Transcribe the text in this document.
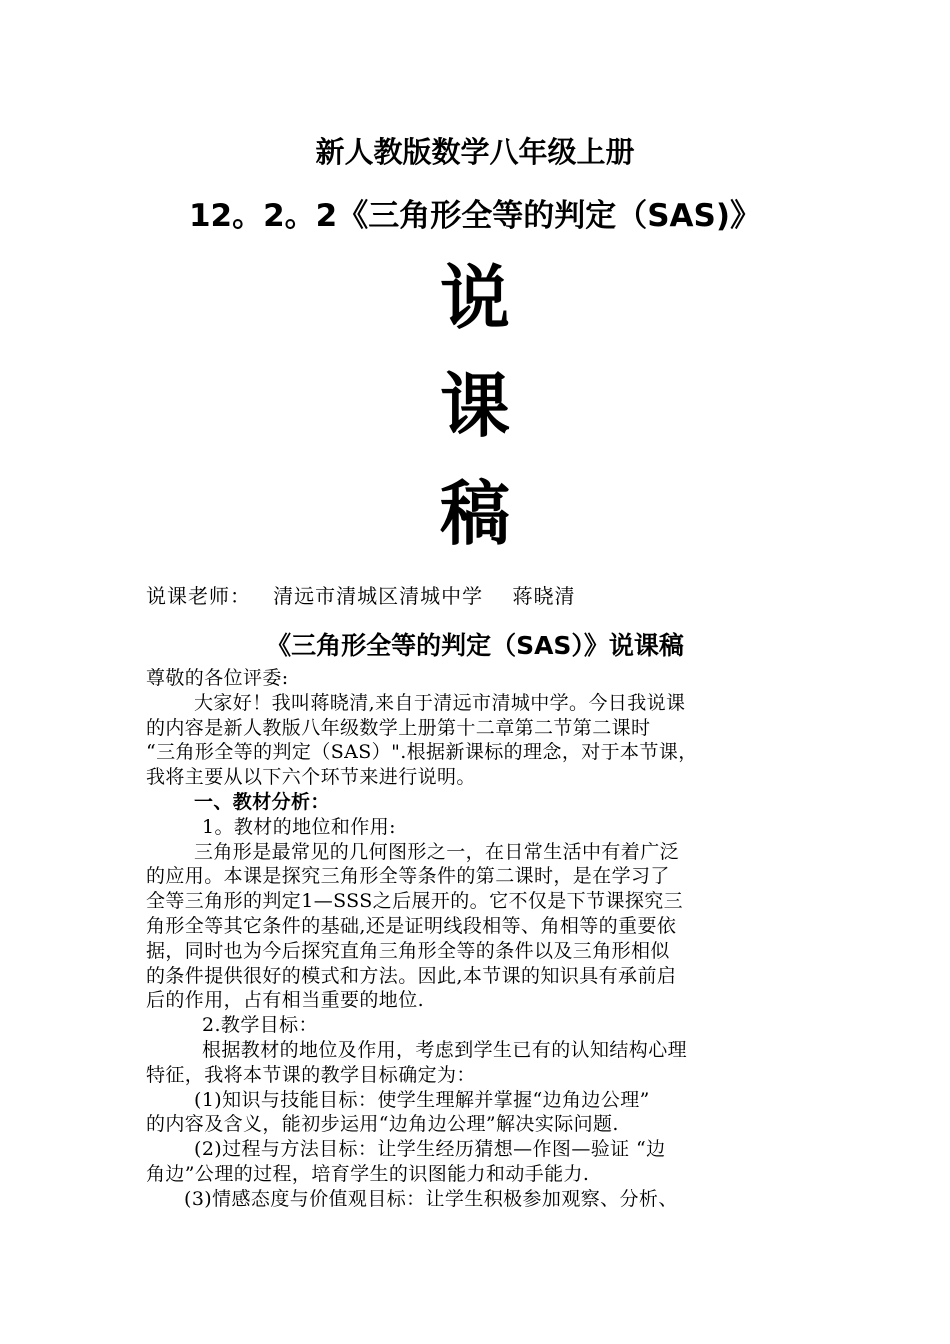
新人教版数学八年级上册
12。2。2《三角形全等的判定（SAS)》
说
课
稿
说课老师：   清远市清城区清城中学    蒋晓清
《三角形全等的判定（SAS）》说课稿
尊敬的各位评委:
大家好！我叫蒋晓清,来自于清远市清城中学。今日我说课
的内容是新人教版八年级数学上册第十二章第二节第二课时
“三角形全等的判定（SAS）".根据新课标的理念，对于本节课，
我将主要从以下六个环节来进行说明。
一、教材分析：
1。教材的地位和作用:
三角形是最常见的几何图形之一，在日常生活中有着广泛
的应用。本课是探究三角形全等条件的第二课时，是在学习了
全等三角形的判定1—SSS之后展开的。它不仅是下节课探究三
角形全等其它条件的基础,还是证明线段相等、角相等的重要依
据，同时也为今后探究直角三角形全等的条件以及三角形相似
的条件提供很好的模式和方法。因此,本节课的知识具有承前启
后的作用，占有相当重要的地位.
2.教学目标：
根据教材的地位及作用，考虑到学生已有的认知结构心理
特征，我将本节课的教学目标确定为：
(1)知识与技能目标：使学生理解并掌握“边角边公理”
的内容及含义，能初步运用“边角边公理”解决实际问题.
(2)过程与方法目标：让学生经历猜想—作图—验证 “边
角边”公理的过程，培育学生的识图能力和动手能力.
(3)情感态度与价值观目标：让学生积极参加观察、分析、
